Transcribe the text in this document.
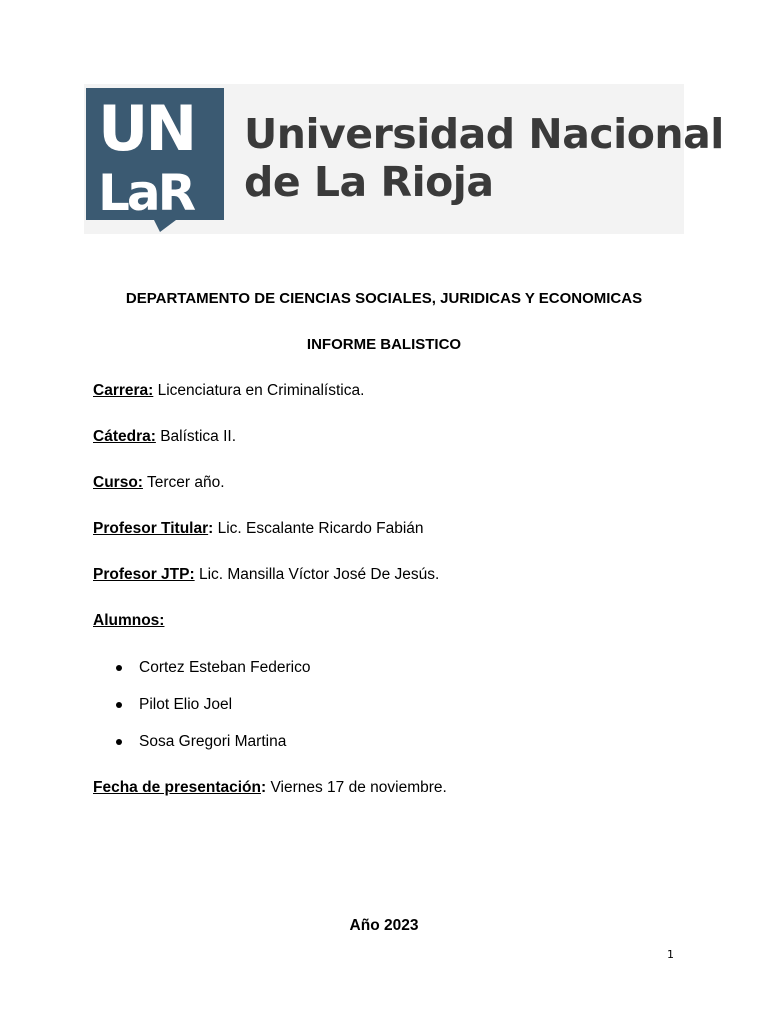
UN
LaR
Universidad Nacional
de La Rioja
DEPARTAMENTO DE CIENCIAS SOCIALES, JURIDICAS Y ECONOMICAS
INFORME BALISTICO
Carrera: Licenciatura en Criminalística.
Cátedra: Balística II.
Curso: Tercer año.
Profesor Titular: Lic. Escalante Ricardo Fabián
Profesor JTP: Lic. Mansilla Víctor José De Jesús.
Alumnos:
Cortez Esteban Federico
Pilot Elio Joel
Sosa Gregori Martina
Fecha de presentación: Viernes 17 de noviembre.
Año 2023
1
